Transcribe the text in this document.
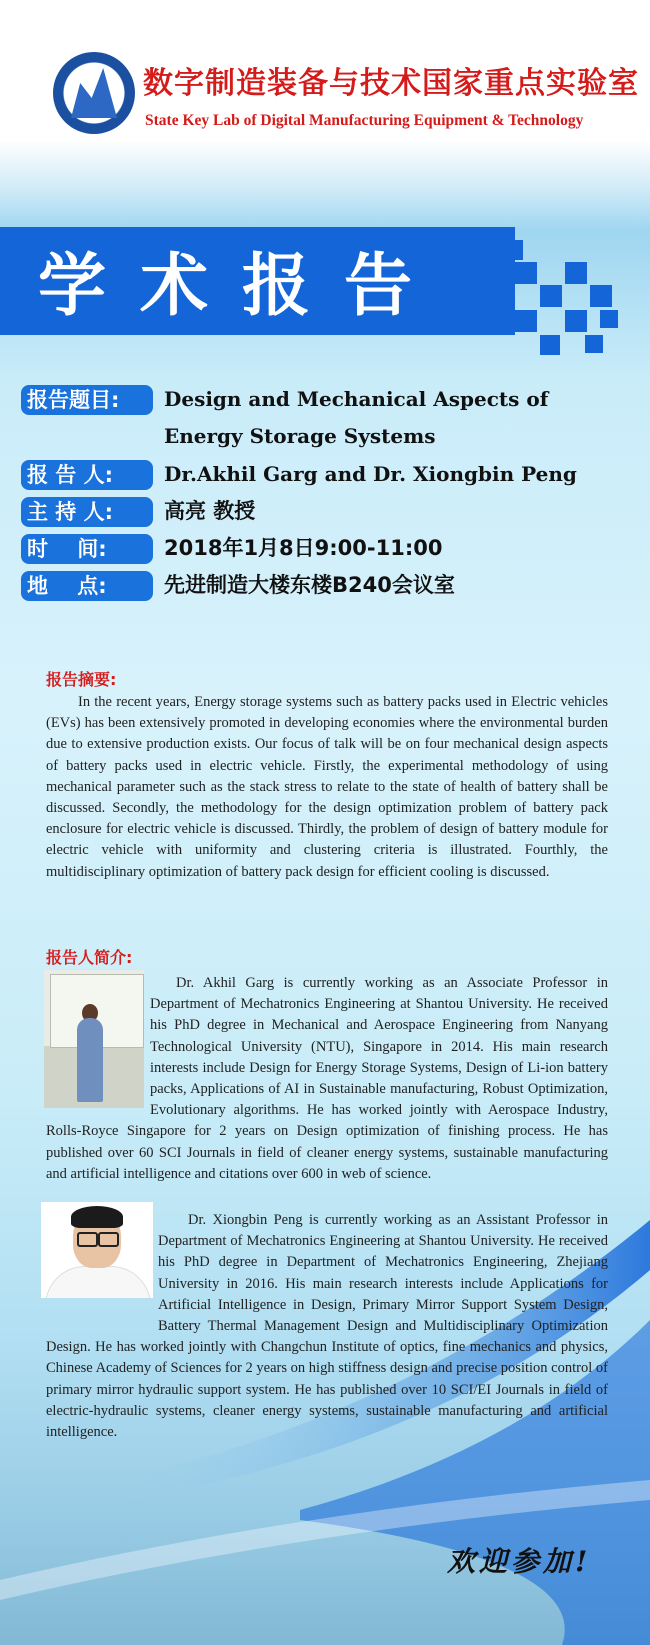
数字制造装备与技术国家重点实验室
State Key Lab of Digital Manufacturing Equipment & Technology
学术报告
报告题目:	Design and Mechanical Aspects of
Energy Storage Systems
报 告 人:	Dr.Akhil Garg and Dr. Xiongbin Peng
主 持 人:	高亮 教授
时    间:	2018年1月8日9:00-11:00
地    点:	先进制造大楼东楼B240会议室
报告摘要:
In the recent years, Energy storage systems such as battery packs used in Electric vehicles (EVs) has been extensively promoted in developing economies where the environmental burden due to extensive production exists. Our focus of talk will be on four mechanical design aspects of battery packs used in electric vehicle. Firstly, the experimental methodology of using mechanical parameter such as the stack stress to relate to the state of health of battery shall be discussed. Secondly, the methodology for the design optimization problem of battery pack enclosure for electric vehicle is discussed. Thirdly, the problem of design of battery module for electric vehicle with uniformity and clustering criteria is illustrated. Fourthly, the multidisciplinary optimization of battery pack design for efficient cooling is discussed.
报告人简介:
Dr. Akhil Garg is currently working as an Associate Professor in Department of Mechatronics Engineering at Shantou University. He received his PhD degree in Mechanical and Aerospace Engineering from Nanyang Technological University (NTU), Singapore in 2014. His main research interests include Design for Energy Storage Systems, Design of Li-ion battery packs, Applications of AI in Sustainable manufacturing, Robust Optimization, Evolutionary algorithms. He has worked jointly with Aerospace Industry, Rolls-Royce Singapore for 2 years on Design optimization of finishing process. He has published over 60 SCI Journals in field of cleaner energy systems, sustainable manufacturing and artificial intelligence and citations over 600 in web of science.
Dr. Xiongbin Peng is currently working as an Assistant Professor in Department of Mechatronics Engineering at Shantou University. He received his PhD degree in Department of Mechatronics Engineering, Zhejiang University in 2016. His main research interests include Applications for Artificial Intelligence in Design, Primary Mirror Support System Design, Battery Thermal Management Design and Multidisciplinary Optimization Design. He has worked jointly with Changchun Institute of optics, fine mechanics and physics, Chinese Academy of Sciences for 2 years on high stiffness design and precise position control of primary mirror hydraulic support system. He has published over 10 SCI/EI Journals in field of electric-hydraulic systems, cleaner energy systems, sustainable manufacturing and artificial intelligence.
欢迎参加!
